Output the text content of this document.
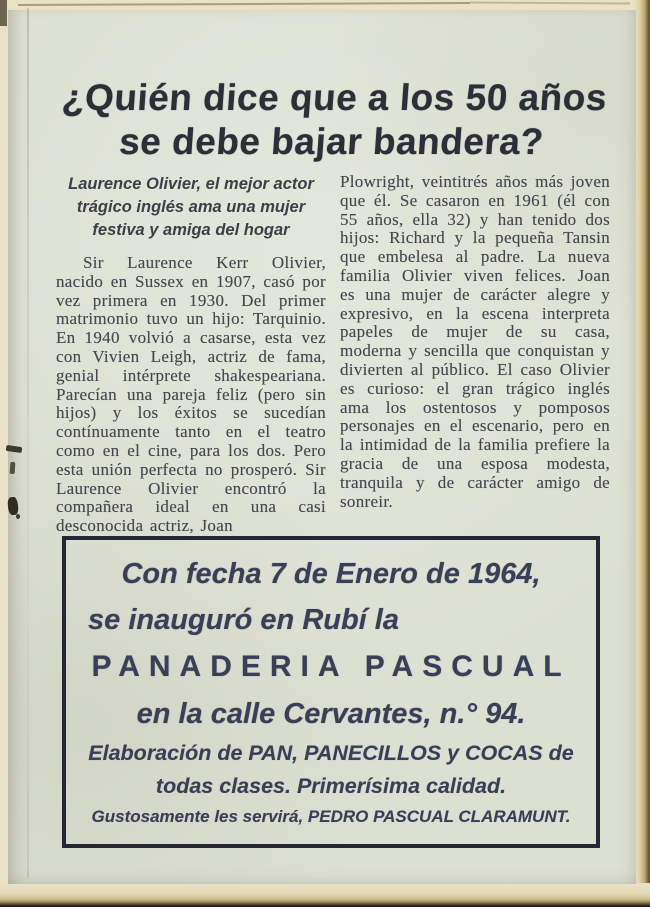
¿Quién dice que a los 50 años
se debe bajar bandera?

Laurence Olivier, el mejor actor trágico inglés ama una mujer festiva y amiga del hogar

Sir Laurence Kerr Olivier, nacido en Sussex en 1907, casó por vez primera en 1930. Del primer matrimonio tuvo un hijo: Tarquinio. En 1940 volvió a casarse, esta vez con Vivien Leigh, actriz de fama, genial intérprete shakespeariana. Parecían una pareja feliz (pero sin hijos) y los éxitos se sucedían contínuamente tanto en el teatro como en el cine, para los dos. Pero esta unión perfecta no prosperó. Sir Laurence Olivier encontró la compañera ideal en una casi desconocida actriz, Joan

Plowright, veintitrés años más joven que él. Se casaron en 1961 (él con 55 años, ella 32) y han tenido dos hijos: Richard y la pequeña Tansin que embelesa al padre. La nueva familia Olivier viven felices. Joan es una mujer de carácter alegre y expresivo, en la escena interpreta papeles de mujer de su casa, moderna y sencilla que conquistan y divierten al público. El caso Olivier es curioso: el gran trágico inglés ama los ostentosos y pomposos personajes en el escenario, pero en la intimidad de la familia prefiere la gracia de una esposa modesta, tranquila y de carácter amigo de sonreir.

Con fecha 7 de Enero de 1964,
se inauguró en Rubí la
PANADERIA PASCUAL
en la calle Cervantes, n.° 94.
Elaboración de PAN, PANECILLOS y COCAS de
todas clases. Primerísima calidad.
Gustosamente les servirá, PEDRO PASCUAL CLARAMUNT.
